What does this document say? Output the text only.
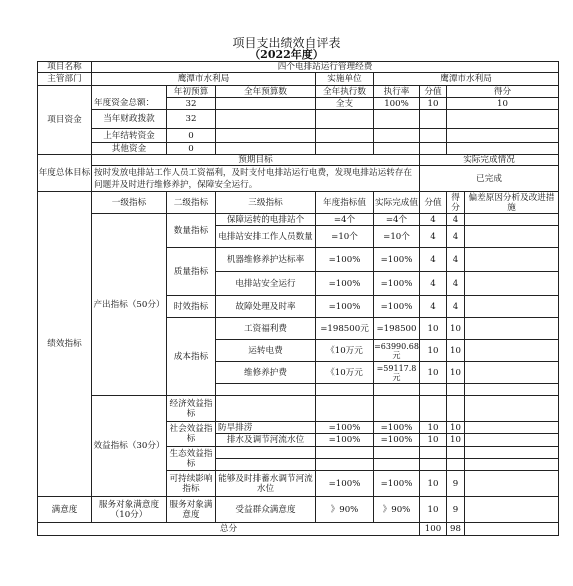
项目支出绩效自评表
（2022年度）
项目名称	四个电排站运行管理经费							
主管部门	鹰潭市水利局			实施单位	鹰潭市水利局			
项目资金		年初预算	全年预算数	全年执行数	执行率	分值	得分	
	年度资金总额：	32		全支	100%	10	10	
	当年财政拨款	32						
	上年结转资金	0						
	其他资金	0						
年度总体目标	预期目标					实际完成情况		
	按时发放电排站工作人员工资福利，及时支付电排站运行电费，发现电排站运转存在问题并及时进行维修养护，保障安全运行。					已完成		
绩效指标	一级指标	二级指标	三级指标	年度指标值	实际完成值	分值	得分	偏差原因分析及改进措施
	产出指标（50分）	数量指标	保障运转的电排站个	=4个	=4个	4	4	
			电排站安排工作人员数量	=10个	=10个	4	4	
		质量指标	机器维修养护达标率	=100%	=100%	4	4	
			电排站安全运行	=100%	=100%	4	4	
		时效指标	故障处理及时率	=100%	=100%	4	4	
		成本指标	工资福利费	=198500元	=198500	10	10	
			运转电费	《10万元	=63990.68元	10	10	
			维修养护费	《10万元	=59117.8元	10	10	

	效益指标（30分）	经济效益指标						
		社会效益指标	防旱排涝	=100%	=100%	10	10	
			排水及调节河流水位	=100%	=100%	10	10	
		生态效益指标						

		可持续影响指标	能够及时排蓄水调节河流水位	=100%	=100%	10	9	

满意度	服务对象满意度（10分）	服务对象满意度	受益群众满意度	》90%	》90%	10	9	
总分						100	98	
